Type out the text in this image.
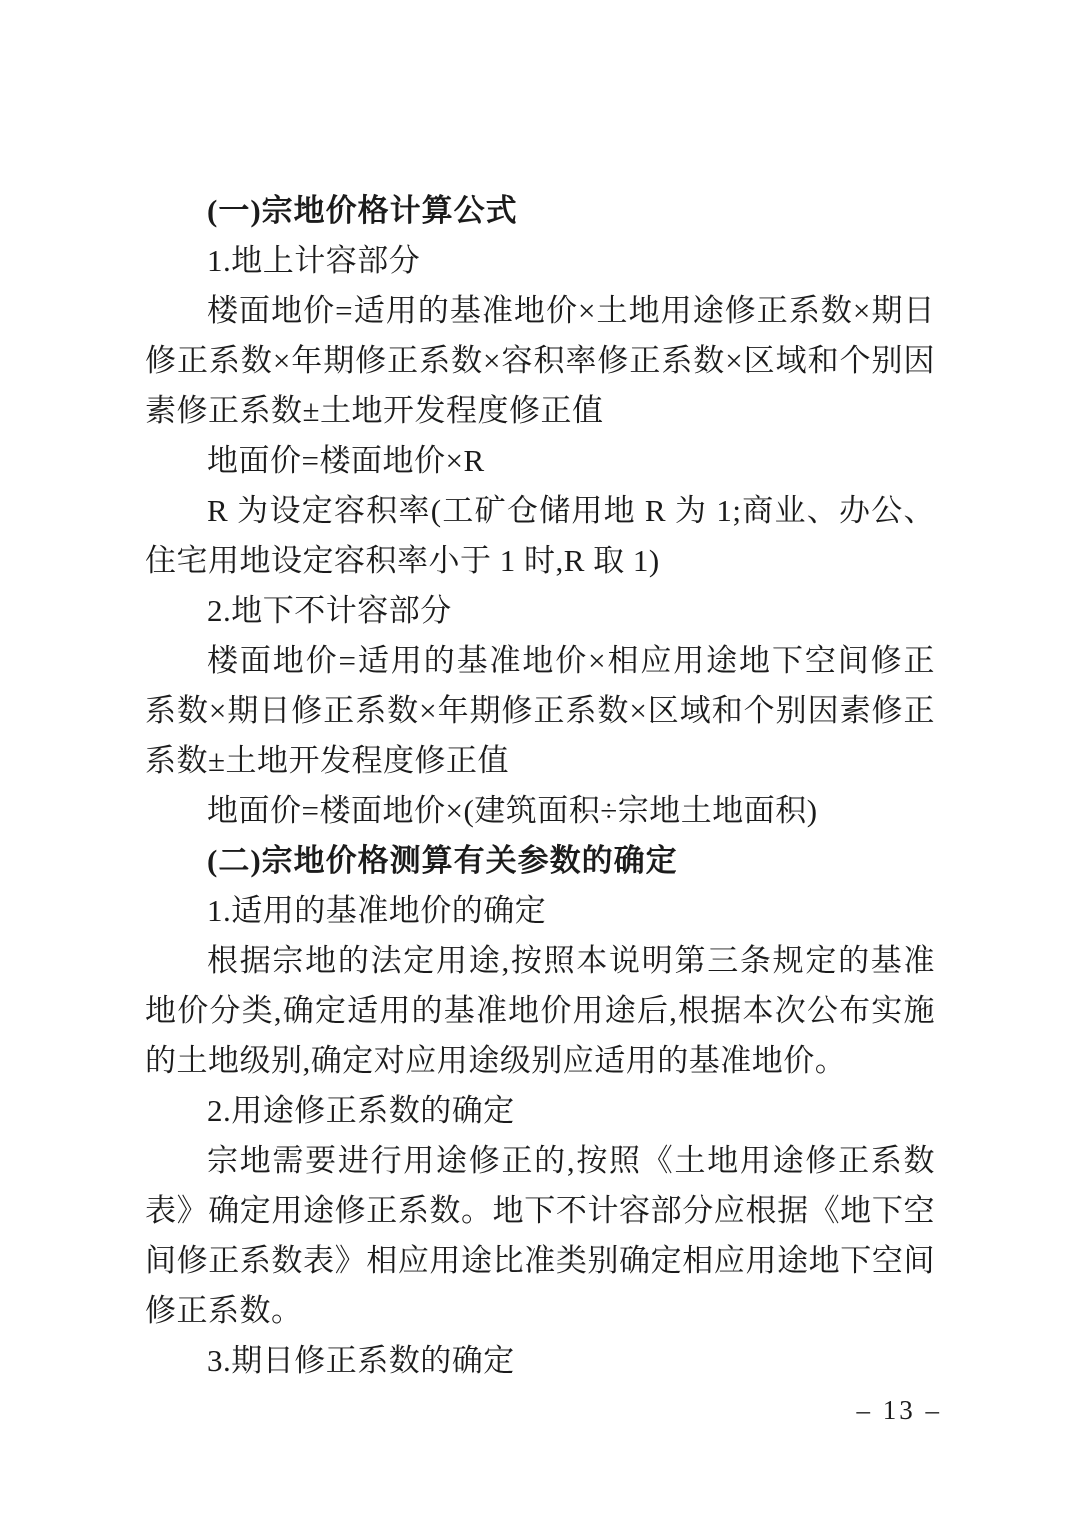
(一)宗地价格计算公式

1.地上计容部分

楼面地价=适用的基准地价×土地用途修正系数×期日修正系数×年期修正系数×容积率修正系数×区域和个别因素修正系数±土地开发程度修正值

地面价=楼面地价×R

R 为设定容积率(工矿仓储用地 R 为 1;商业、办公、住宅用地设定容积率小于 1 时,R 取 1)

2.地下不计容部分

楼面地价=适用的基准地价×相应用途地下空间修正系数×期日修正系数×年期修正系数×区域和个别因素修正系数±土地开发程度修正值

地面价=楼面地价×(建筑面积÷宗地土地面积)

(二)宗地价格测算有关参数的确定

1.适用的基准地价的确定

根据宗地的法定用途,按照本说明第三条规定的基准地价分类,确定适用的基准地价用途后,根据本次公布实施的土地级别,确定对应用途级别应适用的基准地价。

2.用途修正系数的确定

宗地需要进行用途修正的,按照《土地用途修正系数表》确定用途修正系数。地下不计容部分应根据《地下空间修正系数表》相应用途比准类别确定相应用途地下空间修正系数。

3.期日修正系数的确定

– 13 –
